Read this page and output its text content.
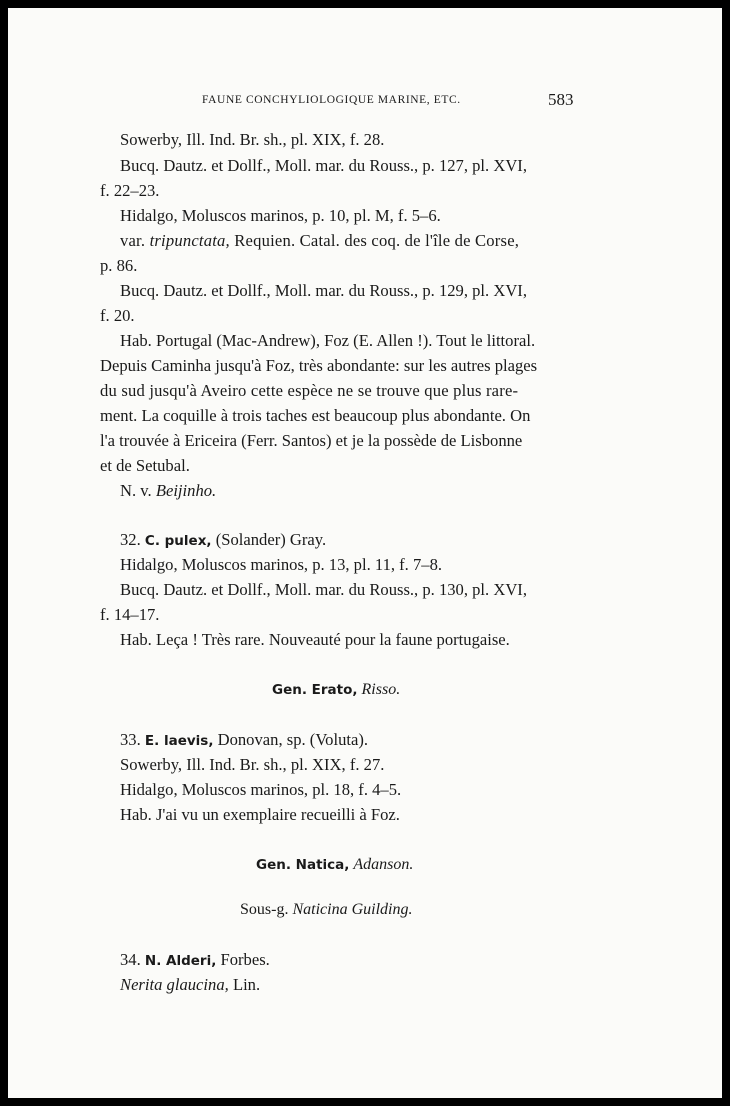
FAUNE CONCHYLIOLOGIQUE MARINE, ETC.	583
Sowerby, Ill. Ind. Br. sh., pl. XIX, f. 28.
Bucq. Dautz. et Dollf., Moll. mar. du Rouss., p. 127, pl. XVI,
f. 22–23.
Hidalgo, Moluscos marinos, p. 10, pl. M, f. 5–6.
var. tripunctata, Requien. Catal. des coq. de l'île de Corse,
p. 86.
Bucq. Dautz. et Dollf., Moll. mar. du Rouss., p. 129, pl. XVI,
f. 20.
Hab. Portugal (Mac-Andrew), Foz (E. Allen !). Tout le littoral.
Depuis Caminha jusqu'à Foz, très abondante: sur les autres plages
du sud jusqu'à Aveiro cette espèce ne se trouve que plus rare-
ment. La coquille à trois taches est beaucoup plus abondante. On
l'a trouvée à Ericeira (Ferr. Santos) et je la possède de Lisbonne
et de Setubal.
N. v. Beijinho.
32. C. pulex, (Solander) Gray.
Hidalgo, Moluscos marinos, p. 13, pl. 11, f. 7–8.
Bucq. Dautz. et Dollf., Moll. mar. du Rouss., p. 130, pl. XVI,
f. 14–17.
Hab. Leça ! Très rare. Nouveauté pour la faune portugaise.
Gen. Erato, Risso.
33. E. laevis, Donovan, sp. (Voluta).
Sowerby, Ill. Ind. Br. sh., pl. XIX, f. 27.
Hidalgo, Moluscos marinos, pl. 18, f. 4–5.
Hab. J'ai vu un exemplaire recueilli à Foz.
Gen. Natica, Adanson.
Sous-g. Naticina Guilding.
34. N. Alderi, Forbes.
Nerita glaucina, Lin.
